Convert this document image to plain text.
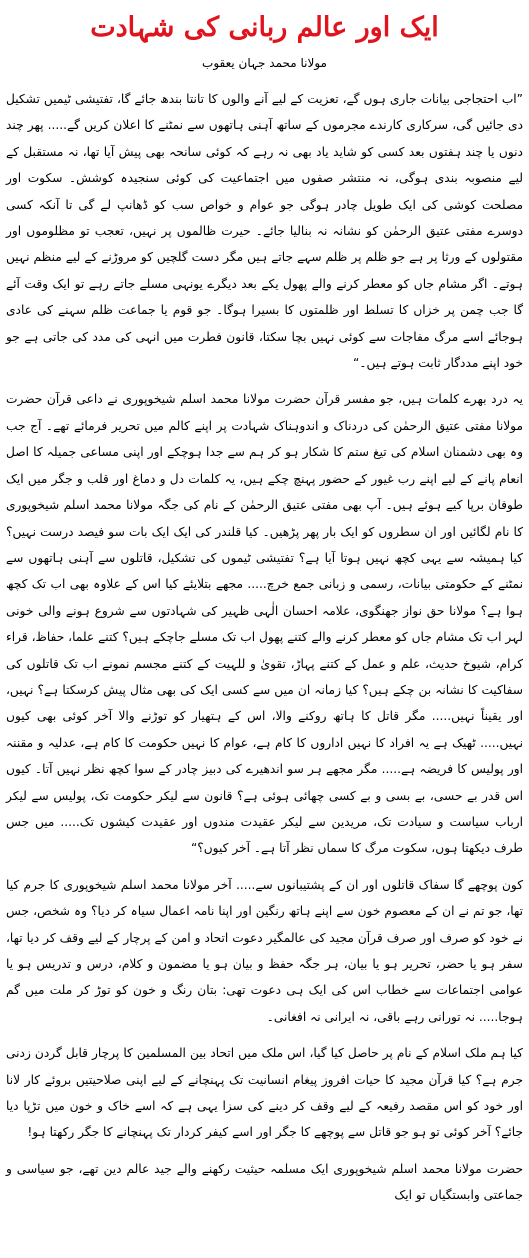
ایک اور عالم ربانی کی شہادت
مولانا محمد جہان یعقوب

”اب احتجاجی بیانات جاری ہوں گے، تعزیت کے لیے آنے والوں کا تانتا بندھ جائے گا، تفتیشی ٹیمیں تشکیل دی جائیں گی، سرکاری کارندے مجرموں کے ساتھ آہنی ہاتھوں سے نمٹنے کا اعلان کریں گے..... پھر چند دنوں یا چند ہفتوں بعد کسی کو شاید یاد بھی نہ رہے کہ کوئی سانحہ بھی پیش آیا تھا، نہ مستقبل کے لیے منصوبہ بندی ہوگی، نہ منتشر صفوں میں اجتماعیت کی کوئی سنجیدہ کوشش۔ سکوت اور مصلحت کوشی کی ایک طویل چادر ہوگی جو عوام و خواص سب کو ڈھانپ لے گی تا آنکہ کسی دوسرے مفتی عتیق الرحمٰن کو نشانہ نہ بنالیا جائے۔ حیرت ظالموں پر نہیں، تعجب تو مظلوموں اور مقتولوں کے ورثا پر ہے جو ظلم پر ظلم سہے جاتے ہیں مگر دست گلچیں کو مروڑنے کے لیے منظم نہیں ہوتے۔ اگر مشام جاں کو معطر کرنے والے پھول یکے بعد دیگرے یونہی مسلے جاتے رہے تو ایک وقت آئے گا جب چمن پر خزاں کا تسلط اور ظلمتوں کا بسیرا ہوگا۔ جو قوم یا جماعت ظلم سہنے کی عادی ہوجائے اسے مرگ مفاجات سے کوئی نہیں بچا سکتا، قانون فطرت میں انہی کی مدد کی جاتی ہے جو خود اپنے مددگار ثابت ہوتے ہیں۔“

یہ درد بھرے کلمات ہیں، جو مفسر قرآن حضرت مولانا محمد اسلم شیخوپوری نے داعی قرآن حضرت مولانا مفتی عتیق الرحمٰن کی دردناک و اندوہناک شہادت پر اپنے کالم میں تحریر فرمائے تھے۔ آج جب وہ بھی دشمنان اسلام کی تیغ ستم کا شکار ہو کر ہم سے جدا ہوچکے اور اپنی مساعی جمیلہ کا اصل انعام پانے کے لیے اپنے رب غیور کے حضور پہنچ چکے ہیں، یہ کلمات دل و دماغ اور قلب و جگر میں ایک طوفان برپا کیے ہوئے ہیں۔ آپ بھی مفتی عتیق الرحمٰن کے نام کی جگہ مولانا محمد اسلم شیخوپوری کا نام لگائیں اور ان سطروں کو ایک بار پھر پڑھیں۔ کیا قلندر کی ایک ایک بات سو فیصد درست نہیں؟ کیا ہمیشہ سے یہی کچھ نہیں ہوتا آیا ہے؟ تفتیشی ٹیموں کی تشکیل، قاتلوں سے آہنی ہاتھوں سے نمٹنے کے حکومتی بیانات، رسمی و زبانی جمع خرچ..... مجھے بتلایئے کیا اس کے علاوہ بھی اب تک کچھ ہوا ہے؟ مولانا حق نواز جھنگوی، علامہ احسان الٰہی ظہیر کی شہادتوں سے شروع ہونے والی خونی لہر اب تک مشام جاں کو معطر کرنے والے کتنے پھول اب تک مسلے جاچکے ہیں؟ کتنے علما، حفاظ، قراء کرام، شیوخ حدیث، علم و عمل کے کتنے پہاڑ، تقویٰ و للہیت کے کتنے مجسم نمونے اب تک قاتلوں کی سفاکیت کا نشانہ بن چکے ہیں؟ کیا زمانہ ان میں سے کسی ایک کی بھی مثال پیش کرسکتا ہے؟ نہیں، اور یقیناً نہیں..... مگر قاتل کا ہاتھ روکنے والا، اس کے ہتھیار کو توڑنے والا آخر کوئی بھی کیوں نہیں..... ٹھیک ہے یہ افراد کا نہیں اداروں کا کام ہے، عوام کا نہیں حکومت کا کام ہے، عدلیہ و مقننہ اور پولیس کا فریضہ ہے..... مگر مجھے ہر سو اندھیرے کی دبیز چادر کے سوا کچھ نظر نہیں آتا۔ کیوں اس قدر بے حسی، بے بسی و بے کسی چھائی ہوئی ہے؟ قانون سے لیکر حکومت تک، پولیس سے لیکر ارباب سیاست و سیادت تک، مریدین سے لیکر عقیدت مندوں اور عقیدت کیشوں تک..... میں جس طرف دیکھتا ہوں، سکوت مرگ کا سماں نظر آتا ہے۔ آخر کیوں؟“

کون پوچھے گا سفاک قاتلوں اور ان کے پشتیبانوں سے..... آخر مولانا محمد اسلم شیخوپوری کا جرم کیا تھا، جو تم نے ان کے معصوم خون سے اپنے ہاتھ رنگین اور اپنا نامہ اعمال سیاہ کر دیا؟ وہ شخص، جس نے خود کو صرف اور صرف قرآن مجید کی عالمگیر دعوت اتحاد و امن کے پرچار کے لیے وقف کر دیا تھا، سفر ہو یا حضر، تحریر ہو یا بیان، ہر جگہ حفظ و بیان ہو یا مضمون و کلام، درس و تدریس ہو یا عوامی اجتماعات سے خطاب اس کی ایک ہی دعوت تھی: بتان رنگ و خون کو توڑ کر ملت میں گم ہوجا..... نہ تورانی رہے باقی، نہ ایرانی نہ افغانی۔

کیا ہم ملک اسلام کے نام پر حاصل کیا گیا، اس ملک میں اتحاد بین المسلمین کا پرچار قابل گردن زدنی جرم ہے؟ کیا قرآن مجید کا حیات افروز پیغام انسانیت تک پہنچانے کے لیے اپنی صلاحیتیں بروئے کار لانا اور خود کو اس مقصد رفیعہ کے لیے وقف کر دینے کی سزا یہی ہے کہ اسے خاک و خون میں تڑپا دیا جائے؟ آخر کوئی تو ہو جو قاتل سے پوچھے کا جگر اور اسے کیفر کردار تک پہنچانے کا جگر رکھتا ہو!

حضرت مولانا محمد اسلم شیخوپوری ایک مسلمہ حیثیت رکھنے والے جید عالم دین تھے، جو سیاسی و جماعتی وابستگیاں تو ایک
